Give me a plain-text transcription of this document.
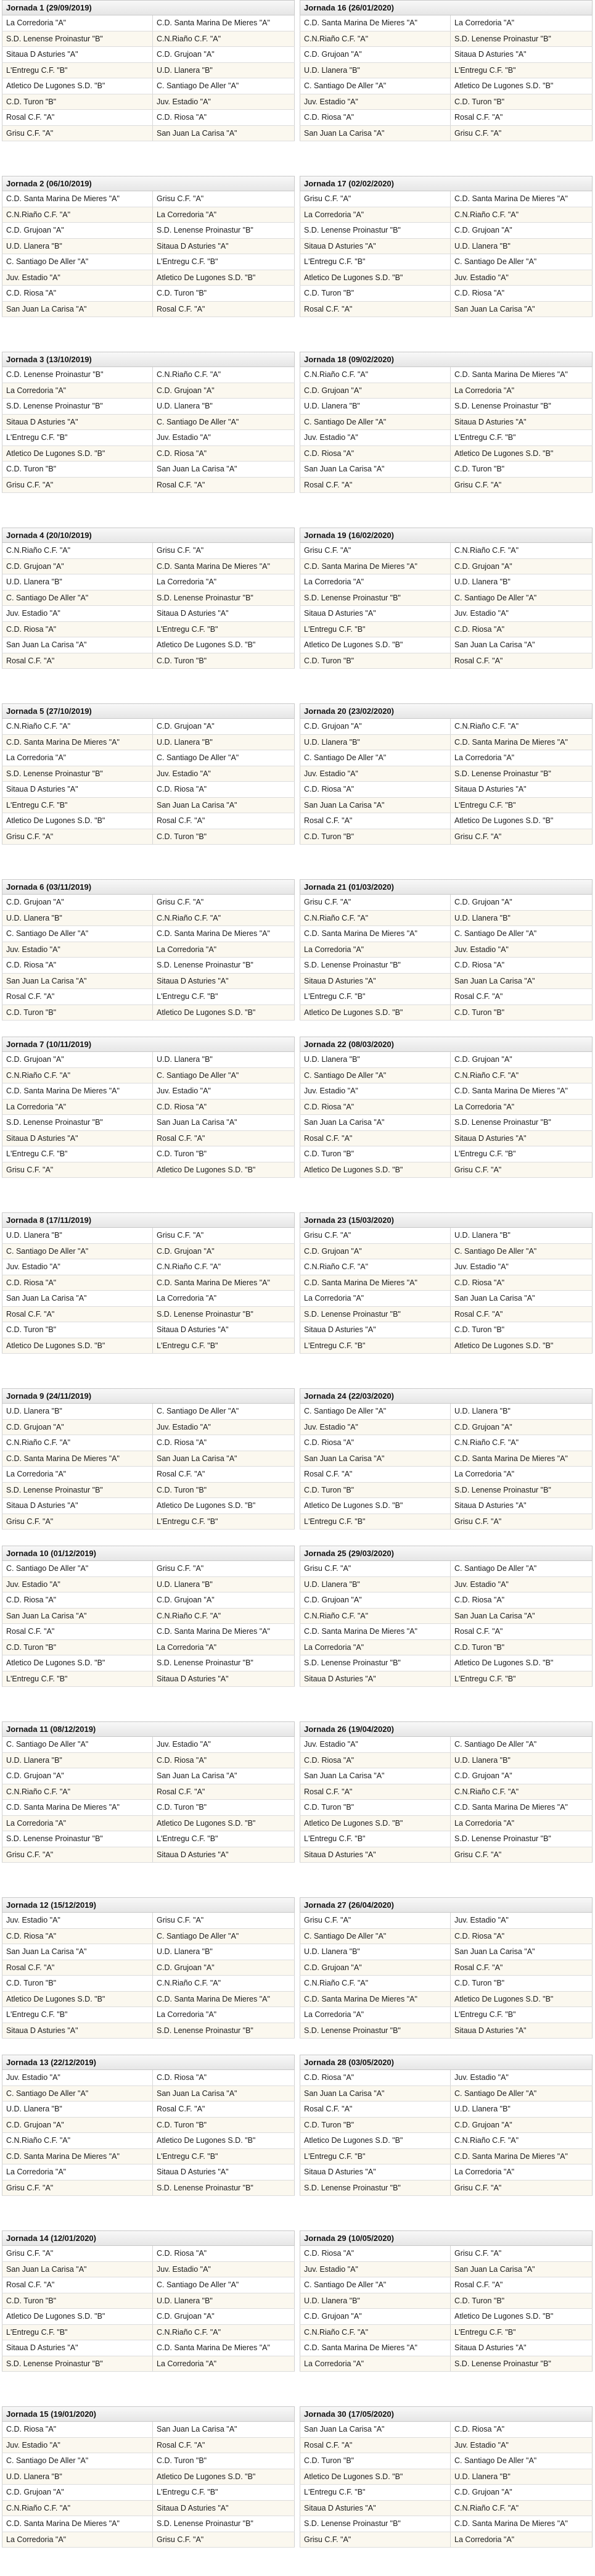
Jornada 1 (29/09/2019)
La Corredoria "A"	C.D. Santa Marina De Mieres "A"
S.D. Lenense Proinastur "B"	C.N.Riaño C.F. "A"
Sitaua D Asturies "A"	C.D. Grujoan "A"
L'Entregu C.F. "B"	U.D. Llanera "B"
Atletico De Lugones S.D. "B"	C. Santiago De Aller "A"
C.D. Turon "B"	Juv. Estadio "A"
Rosal C.F. "A"	C.D. Riosa "A"
Grisu C.F. "A"	San Juan La Carisa "A"
Jornada 16 (26/01/2020)
C.D. Santa Marina De Mieres "A"	La Corredoria "A"
C.N.Riaño C.F. "A"	S.D. Lenense Proinastur "B"
C.D. Grujoan "A"	Sitaua D Asturies "A"
U.D. Llanera "B"	L'Entregu C.F. "B"
C. Santiago De Aller "A"	Atletico De Lugones S.D. "B"
Juv. Estadio "A"	C.D. Turon "B"
C.D. Riosa "A"	Rosal C.F. "A"
San Juan La Carisa "A"	Grisu C.F. "A"
Jornada 2 (06/10/2019)
C.D. Santa Marina De Mieres "A"	Grisu C.F. "A"
C.N.Riaño C.F. "A"	La Corredoria "A"
C.D. Grujoan "A"	S.D. Lenense Proinastur "B"
U.D. Llanera "B"	Sitaua D Asturies "A"
C. Santiago De Aller "A"	L'Entregu C.F. "B"
Juv. Estadio "A"	Atletico De Lugones S.D. "B"
C.D. Riosa "A"	C.D. Turon "B"
San Juan La Carisa "A"	Rosal C.F. "A"
Jornada 17 (02/02/2020)
Grisu C.F. "A"	C.D. Santa Marina De Mieres "A"
La Corredoria "A"	C.N.Riaño C.F. "A"
S.D. Lenense Proinastur "B"	C.D. Grujoan "A"
Sitaua D Asturies "A"	U.D. Llanera "B"
L'Entregu C.F. "B"	C. Santiago De Aller "A"
Atletico De Lugones S.D. "B"	Juv. Estadio "A"
C.D. Turon "B"	C.D. Riosa "A"
Rosal C.F. "A"	San Juan La Carisa "A"
Jornada 3 (13/10/2019)
C.D. Lenense Proinastur "B"	C.N.Riaño C.F. "A"
La Corredoria "A"	C.D. Grujoan "A"
S.D. Lenense Proinastur "B"	U.D. Llanera "B"
Sitaua D Asturies "A"	C. Santiago De Aller "A"
L'Entregu C.F. "B"	Juv. Estadio "A"
Atletico De Lugones S.D. "B"	C.D. Riosa "A"
C.D. Turon "B"	San Juan La Carisa "A"
Grisu C.F. "A"	Rosal C.F. "A"
Jornada 18 (09/02/2020)
C.N.Riaño C.F. "A"	C.D. Santa Marina De Mieres "A"
C.D. Grujoan "A"	La Corredoria "A"
U.D. Llanera "B"	S.D. Lenense Proinastur "B"
C. Santiago De Aller "A"	Sitaua D Asturies "A"
Juv. Estadio "A"	L'Entregu C.F. "B"
C.D. Riosa "A"	Atletico De Lugones S.D. "B"
San Juan La Carisa "A"	C.D. Turon "B"
Rosal C.F. "A"	Grisu C.F. "A"
Jornada 4 (20/10/2019)
C.N.Riaño C.F. "A"	Grisu C.F. "A"
C.D. Grujoan "A"	C.D. Santa Marina De Mieres "A"
U.D. Llanera "B"	La Corredoria "A"
C. Santiago De Aller "A"	S.D. Lenense Proinastur "B"
Juv. Estadio "A"	Sitaua D Asturies "A"
C.D. Riosa "A"	L'Entregu C.F. "B"
San Juan La Carisa "A"	Atletico De Lugones S.D. "B"
Rosal C.F. "A"	C.D. Turon "B"
Jornada 19 (16/02/2020)
Grisu C.F. "A"	C.N.Riaño C.F. "A"
C.D. Santa Marina De Mieres "A"	C.D. Grujoan "A"
La Corredoria "A"	U.D. Llanera "B"
S.D. Lenense Proinastur "B"	C. Santiago De Aller "A"
Sitaua D Asturies "A"	Juv. Estadio "A"
L'Entregu C.F. "B"	C.D. Riosa "A"
Atletico De Lugones S.D. "B"	San Juan La Carisa "A"
C.D. Turon "B"	Rosal C.F. "A"
Jornada 5 (27/10/2019)
C.N.Riaño C.F. "A"	C.D. Grujoan "A"
C.D. Santa Marina De Mieres "A"	U.D. Llanera "B"
La Corredoria "A"	C. Santiago De Aller "A"
S.D. Lenense Proinastur "B"	Juv. Estadio "A"
Sitaua D Asturies "A"	C.D. Riosa "A"
L'Entregu C.F. "B"	San Juan La Carisa "A"
Atletico De Lugones S.D. "B"	Rosal C.F. "A"
Grisu C.F. "A"	C.D. Turon "B"
Jornada 20 (23/02/2020)
C.D. Grujoan "A"	C.N.Riaño C.F. "A"
U.D. Llanera "B"	C.D. Santa Marina De Mieres "A"
C. Santiago De Aller "A"	La Corredoria "A"
Juv. Estadio "A"	S.D. Lenense Proinastur "B"
C.D. Riosa "A"	Sitaua D Asturies "A"
San Juan La Carisa "A"	L'Entregu C.F. "B"
Rosal C.F. "A"	Atletico De Lugones S.D. "B"
C.D. Turon "B"	Grisu C.F. "A"
Jornada 6 (03/11/2019)
C.D. Grujoan "A"	Grisu C.F. "A"
U.D. Llanera "B"	C.N.Riaño C.F. "A"
C. Santiago De Aller "A"	C.D. Santa Marina De Mieres "A"
Juv. Estadio "A"	La Corredoria "A"
C.D. Riosa "A"	S.D. Lenense Proinastur "B"
San Juan La Carisa "A"	Sitaua D Asturies "A"
Rosal C.F. "A"	L'Entregu C.F. "B"
C.D. Turon "B"	Atletico De Lugones S.D. "B"
Jornada 21 (01/03/2020)
Grisu C.F. "A"	C.D. Grujoan "A"
C.N.Riaño C.F. "A"	U.D. Llanera "B"
C.D. Santa Marina De Mieres "A"	C. Santiago De Aller "A"
La Corredoria "A"	Juv. Estadio "A"
S.D. Lenense Proinastur "B"	C.D. Riosa "A"
Sitaua D Asturies "A"	San Juan La Carisa "A"
L'Entregu C.F. "B"	Rosal C.F. "A"
Atletico De Lugones S.D. "B"	C.D. Turon "B"
Jornada 7 (10/11/2019)
C.D. Grujoan "A"	U.D. Llanera "B"
C.N.Riaño C.F. "A"	C. Santiago De Aller "A"
C.D. Santa Marina De Mieres "A"	Juv. Estadio "A"
La Corredoria "A"	C.D. Riosa "A"
S.D. Lenense Proinastur "B"	San Juan La Carisa "A"
Sitaua D Asturies "A"	Rosal C.F. "A"
L'Entregu C.F. "B"	C.D. Turon "B"
Grisu C.F. "A"	Atletico De Lugones S.D. "B"
Jornada 22 (08/03/2020)
U.D. Llanera "B"	C.D. Grujoan "A"
C. Santiago De Aller "A"	C.N.Riaño C.F. "A"
Juv. Estadio "A"	C.D. Santa Marina De Mieres "A"
C.D. Riosa "A"	La Corredoria "A"
San Juan La Carisa "A"	S.D. Lenense Proinastur "B"
Rosal C.F. "A"	Sitaua D Asturies "A"
C.D. Turon "B"	L'Entregu C.F. "B"
Atletico De Lugones S.D. "B"	Grisu C.F. "A"
Jornada 8 (17/11/2019)
U.D. Llanera "B"	Grisu C.F. "A"
C. Santiago De Aller "A"	C.D. Grujoan "A"
Juv. Estadio "A"	C.N.Riaño C.F. "A"
C.D. Riosa "A"	C.D. Santa Marina De Mieres "A"
San Juan La Carisa "A"	La Corredoria "A"
Rosal C.F. "A"	S.D. Lenense Proinastur "B"
C.D. Turon "B"	Sitaua D Asturies "A"
Atletico De Lugones S.D. "B"	L'Entregu C.F. "B"
Jornada 23 (15/03/2020)
Grisu C.F. "A"	U.D. Llanera "B"
C.D. Grujoan "A"	C. Santiago De Aller "A"
C.N.Riaño C.F. "A"	Juv. Estadio "A"
C.D. Santa Marina De Mieres "A"	C.D. Riosa "A"
La Corredoria "A"	San Juan La Carisa "A"
S.D. Lenense Proinastur "B"	Rosal C.F. "A"
Sitaua D Asturies "A"	C.D. Turon "B"
L'Entregu C.F. "B"	Atletico De Lugones S.D. "B"
Jornada 9 (24/11/2019)
U.D. Llanera "B"	C. Santiago De Aller "A"
C.D. Grujoan "A"	Juv. Estadio "A"
C.N.Riaño C.F. "A"	C.D. Riosa "A"
C.D. Santa Marina De Mieres "A"	San Juan La Carisa "A"
La Corredoria "A"	Rosal C.F. "A"
S.D. Lenense Proinastur "B"	C.D. Turon "B"
Sitaua D Asturies "A"	Atletico De Lugones S.D. "B"
Grisu C.F. "A"	L'Entregu C.F. "B"
Jornada 24 (22/03/2020)
C. Santiago De Aller "A"	U.D. Llanera "B"
Juv. Estadio "A"	C.D. Grujoan "A"
C.D. Riosa "A"	C.N.Riaño C.F. "A"
San Juan La Carisa "A"	C.D. Santa Marina De Mieres "A"
Rosal C.F. "A"	La Corredoria "A"
C.D. Turon "B"	S.D. Lenense Proinastur "B"
Atletico De Lugones S.D. "B"	Sitaua D Asturies "A"
L'Entregu C.F. "B"	Grisu C.F. "A"
Jornada 10 (01/12/2019)
C. Santiago De Aller "A"	Grisu C.F. "A"
Juv. Estadio "A"	U.D. Llanera "B"
C.D. Riosa "A"	C.D. Grujoan "A"
San Juan La Carisa "A"	C.N.Riaño C.F. "A"
Rosal C.F. "A"	C.D. Santa Marina De Mieres "A"
C.D. Turon "B"	La Corredoria "A"
Atletico De Lugones S.D. "B"	S.D. Lenense Proinastur "B"
L'Entregu C.F. "B"	Sitaua D Asturies "A"
Jornada 25 (29/03/2020)
Grisu C.F. "A"	C. Santiago De Aller "A"
U.D. Llanera "B"	Juv. Estadio "A"
C.D. Grujoan "A"	C.D. Riosa "A"
C.N.Riaño C.F. "A"	San Juan La Carisa "A"
C.D. Santa Marina De Mieres "A"	Rosal C.F. "A"
La Corredoria "A"	C.D. Turon "B"
S.D. Lenense Proinastur "B"	Atletico De Lugones S.D. "B"
Sitaua D Asturies "A"	L'Entregu C.F. "B"
Jornada 11 (08/12/2019)
C. Santiago De Aller "A"	Juv. Estadio "A"
U.D. Llanera "B"	C.D. Riosa "A"
C.D. Grujoan "A"	San Juan La Carisa "A"
C.N.Riaño C.F. "A"	Rosal C.F. "A"
C.D. Santa Marina De Mieres "A"	C.D. Turon "B"
La Corredoria "A"	Atletico De Lugones S.D. "B"
S.D. Lenense Proinastur "B"	L'Entregu C.F. "B"
Grisu C.F. "A"	Sitaua D Asturies "A"
Jornada 26 (19/04/2020)
Juv. Estadio "A"	C. Santiago De Aller "A"
C.D. Riosa "A"	U.D. Llanera "B"
San Juan La Carisa "A"	C.D. Grujoan "A"
Rosal C.F. "A"	C.N.Riaño C.F. "A"
C.D. Turon "B"	C.D. Santa Marina De Mieres "A"
Atletico De Lugones S.D. "B"	La Corredoria "A"
L'Entregu C.F. "B"	S.D. Lenense Proinastur "B"
Sitaua D Asturies "A"	Grisu C.F. "A"
Jornada 12 (15/12/2019)
Juv. Estadio "A"	Grisu C.F. "A"
C.D. Riosa "A"	C. Santiago De Aller "A"
San Juan La Carisa "A"	U.D. Llanera "B"
Rosal C.F. "A"	C.D. Grujoan "A"
C.D. Turon "B"	C.N.Riaño C.F. "A"
Atletico De Lugones S.D. "B"	C.D. Santa Marina De Mieres "A"
L'Entregu C.F. "B"	La Corredoria "A"
Sitaua D Asturies "A"	S.D. Lenense Proinastur "B"
Jornada 27 (26/04/2020)
Grisu C.F. "A"	Juv. Estadio "A"
C. Santiago De Aller "A"	C.D. Riosa "A"
U.D. Llanera "B"	San Juan La Carisa "A"
C.D. Grujoan "A"	Rosal C.F. "A"
C.N.Riaño C.F. "A"	C.D. Turon "B"
C.D. Santa Marina De Mieres "A"	Atletico De Lugones S.D. "B"
La Corredoria "A"	L'Entregu C.F. "B"
S.D. Lenense Proinastur "B"	Sitaua D Asturies "A"
Jornada 13 (22/12/2019)
Juv. Estadio "A"	C.D. Riosa "A"
C. Santiago De Aller "A"	San Juan La Carisa "A"
U.D. Llanera "B"	Rosal C.F. "A"
C.D. Grujoan "A"	C.D. Turon "B"
C.N.Riaño C.F. "A"	Atletico De Lugones S.D. "B"
C.D. Santa Marina De Mieres "A"	L'Entregu C.F. "B"
La Corredoria "A"	Sitaua D Asturies "A"
Grisu C.F. "A"	S.D. Lenense Proinastur "B"
Jornada 28 (03/05/2020)
C.D. Riosa "A"	Juv. Estadio "A"
San Juan La Carisa "A"	C. Santiago De Aller "A"
Rosal C.F. "A"	U.D. Llanera "B"
C.D. Turon "B"	C.D. Grujoan "A"
Atletico De Lugones S.D. "B"	C.N.Riaño C.F. "A"
L'Entregu C.F. "B"	C.D. Santa Marina De Mieres "A"
Sitaua D Asturies "A"	La Corredoria "A"
S.D. Lenense Proinastur "B"	Grisu C.F. "A"
Jornada 14 (12/01/2020)
Grisu C.F. "A"	C.D. Riosa "A"
San Juan La Carisa "A"	Juv. Estadio "A"
Rosal C.F. "A"	C. Santiago De Aller "A"
C.D. Turon "B"	U.D. Llanera "B"
Atletico De Lugones S.D. "B"	C.D. Grujoan "A"
L'Entregu C.F. "B"	C.N.Riaño C.F. "A"
Sitaua D Asturies "A"	C.D. Santa Marina De Mieres "A"
S.D. Lenense Proinastur "B"	La Corredoria "A"
Jornada 29 (10/05/2020)
C.D. Riosa "A"	Grisu C.F. "A"
Juv. Estadio "A"	San Juan La Carisa "A"
C. Santiago De Aller "A"	Rosal C.F. "A"
U.D. Llanera "B"	C.D. Turon "B"
C.D. Grujoan "A"	Atletico De Lugones S.D. "B"
C.N.Riaño C.F. "A"	L'Entregu C.F. "B"
C.D. Santa Marina De Mieres "A"	Sitaua D Asturies "A"
La Corredoria "A"	S.D. Lenense Proinastur "B"
Jornada 15 (19/01/2020)
C.D. Riosa "A"	San Juan La Carisa "A"
Juv. Estadio "A"	Rosal C.F. "A"
C. Santiago De Aller "A"	C.D. Turon "B"
U.D. Llanera "B"	Atletico De Lugones S.D. "B"
C.D. Grujoan "A"	L'Entregu C.F. "B"
C.N.Riaño C.F. "A"	Sitaua D Asturies "A"
C.D. Santa Marina De Mieres "A"	S.D. Lenense Proinastur "B"
La Corredoria "A"	Grisu C.F. "A"
Jornada 30 (17/05/2020)
San Juan La Carisa "A"	C.D. Riosa "A"
Rosal C.F. "A"	Juv. Estadio "A"
C.D. Turon "B"	C. Santiago De Aller "A"
Atletico De Lugones S.D. "B"	U.D. Llanera "B"
L'Entregu C.F. "B"	C.D. Grujoan "A"
Sitaua D Asturies "A"	C.N.Riaño C.F. "A"
S.D. Lenense Proinastur "B"	C.D. Santa Marina De Mieres "A"
Grisu C.F. "A"	La Corredoria "A"
